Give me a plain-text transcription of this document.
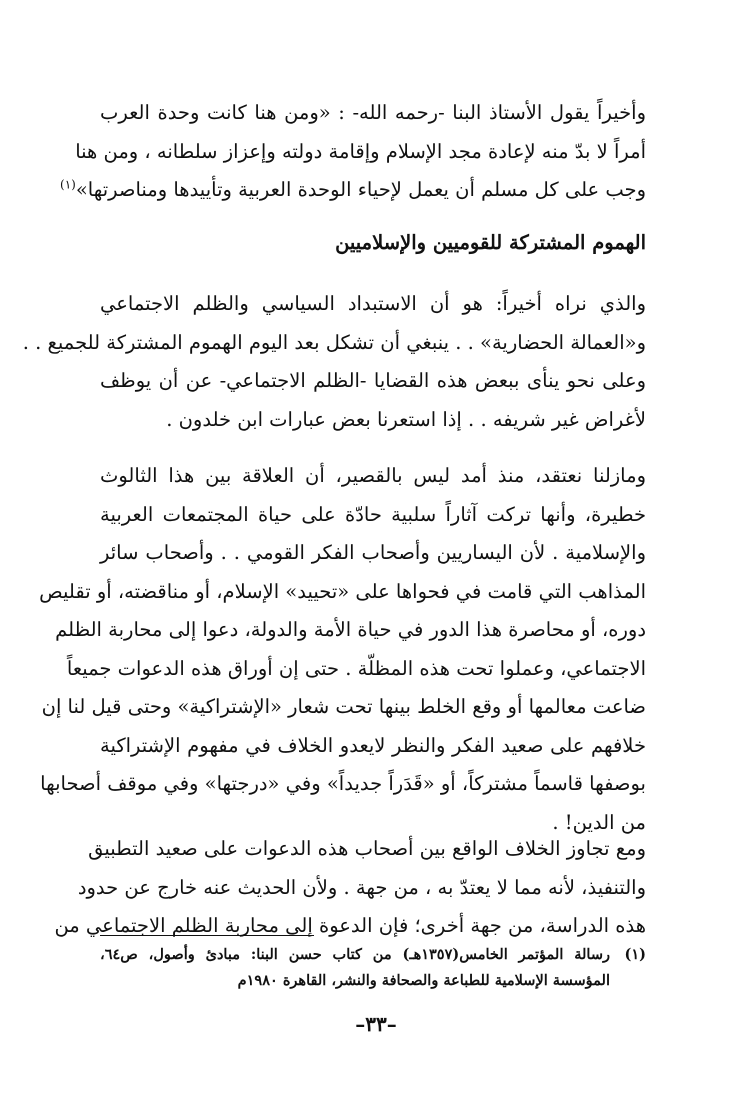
وأخيراً يقول الأستاذ البنا -رحمه الله- : «ومن هنا كانت وحدة العرب
أمراً لا بدّ منه لإعادة مجد الإسلام وإقامة دولته وإعزاز سلطانه ، ومن هنا
وجب على كل مسلم أن يعمل لإحياء الوحدة العربية وتأييدها ومناصرتها»$^{(١)}$
الهموم المشتركة للقوميين والإسلاميين
والذي نراه أخيراً: هو أن الاستبداد السياسي والظلم الاجتماعي
و«العمالة الحضارية» . . ينبغي أن تشكل بعد اليوم الهموم المشتركة للجميع . .
وعلى نحو ينأى ببعض هذه القضايا -الظلم الاجتماعي- عن أن يوظف
لأغراض غير شريفه . . إذا استعرنا بعض عبارات ابن خلدون .
ومازلنا نعتقد، منذ أمد ليس بالقصير، أن العلاقة بين هذا الثالوث
خطيرة، وأنها تركت آثاراً سلبية حادّة على حياة المجتمعات العربية
والإسلامية . لأن اليساريين وأصحاب الفكر القومي . . وأصحاب سائر
المذاهب التي قامت في فحواها على «تحييد» الإسلام، أو مناقضته، أو تقليص
دوره، أو محاصرة هذا الدور في حياة الأمة والدولة، دعوا إلى محاربة الظلم
الاجتماعي، وعملوا تحت هذه المظلّة . حتى إن أوراق هذه الدعوات جميعاً
ضاعت معالمها أو وقع الخلط بينها تحت شعار «الإشتراكية» وحتى قيل لنا إن
خلافهم على صعيد الفكر والنظر لايعدو الخلاف في مفهوم الإشتراكية
بوصفها قاسماً مشتركاً، أو «قَدَراً جديداً» وفي «درجتها» وفي موقف أصحابها
من الدين! .
ومع تجاوز الخلاف الواقع بين أصحاب هذه الدعوات على صعيد التطبيق
والتنفيذ، لأنه مما لا يعتدّ به ، من جهة . ولأن الحديث عنه خارج عن حدود
هذه الدراسة، من جهة أخرى؛ فإن الدعوة إلى محاربة الظلم الاجتماعي من
(١)
رسالة المؤتمر الخامس(١٣٥٧هـ) من كتاب حسن البنا: مبادئ وأصول، ص٦٤،
المؤسسة الإسلامية للطباعة والصحافة والنشر، القاهرة ١٩٨٠م
–٣٣–
